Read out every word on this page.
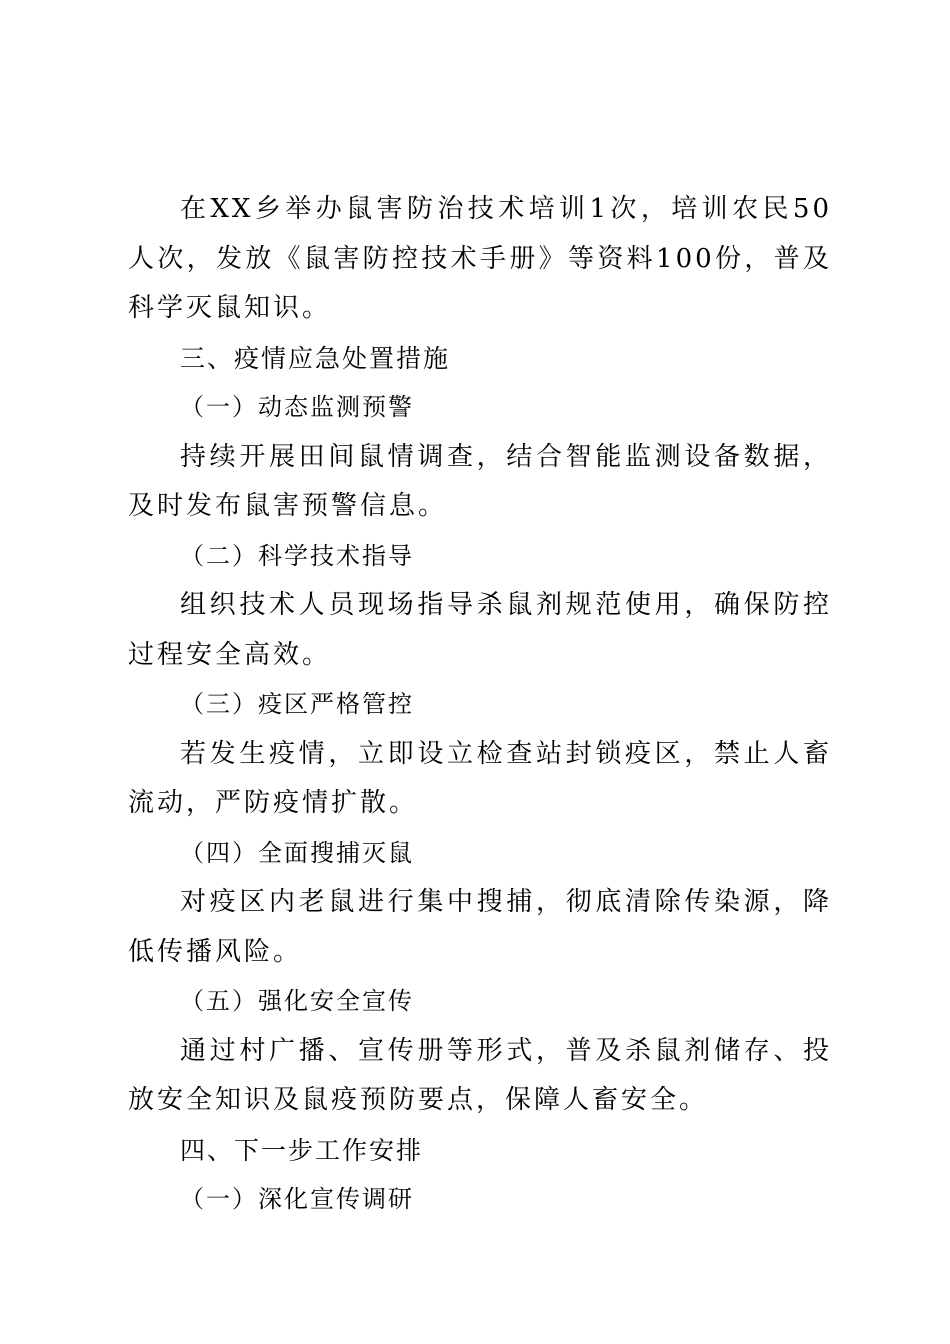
在XX乡举办鼠害防治技术培训1次，培训农民50人次，发放《鼠害防控技术手册》等资料100份，普及科学灭鼠知识。

三、疫情应急处置措施

（一）动态监测预警

持续开展田间鼠情调查，结合智能监测设备数据，及时发布鼠害预警信息。

（二）科学技术指导

组织技术人员现场指导杀鼠剂规范使用，确保防控过程安全高效。

（三）疫区严格管控

若发生疫情，立即设立检查站封锁疫区，禁止人畜流动，严防疫情扩散。

（四）全面搜捕灭鼠

对疫区内老鼠进行集中搜捕，彻底清除传染源，降低传播风险。

（五）强化安全宣传

通过村广播、宣传册等形式，普及杀鼠剂储存、投放安全知识及鼠疫预防要点，保障人畜安全。

四、下一步工作安排

（一）深化宣传调研
